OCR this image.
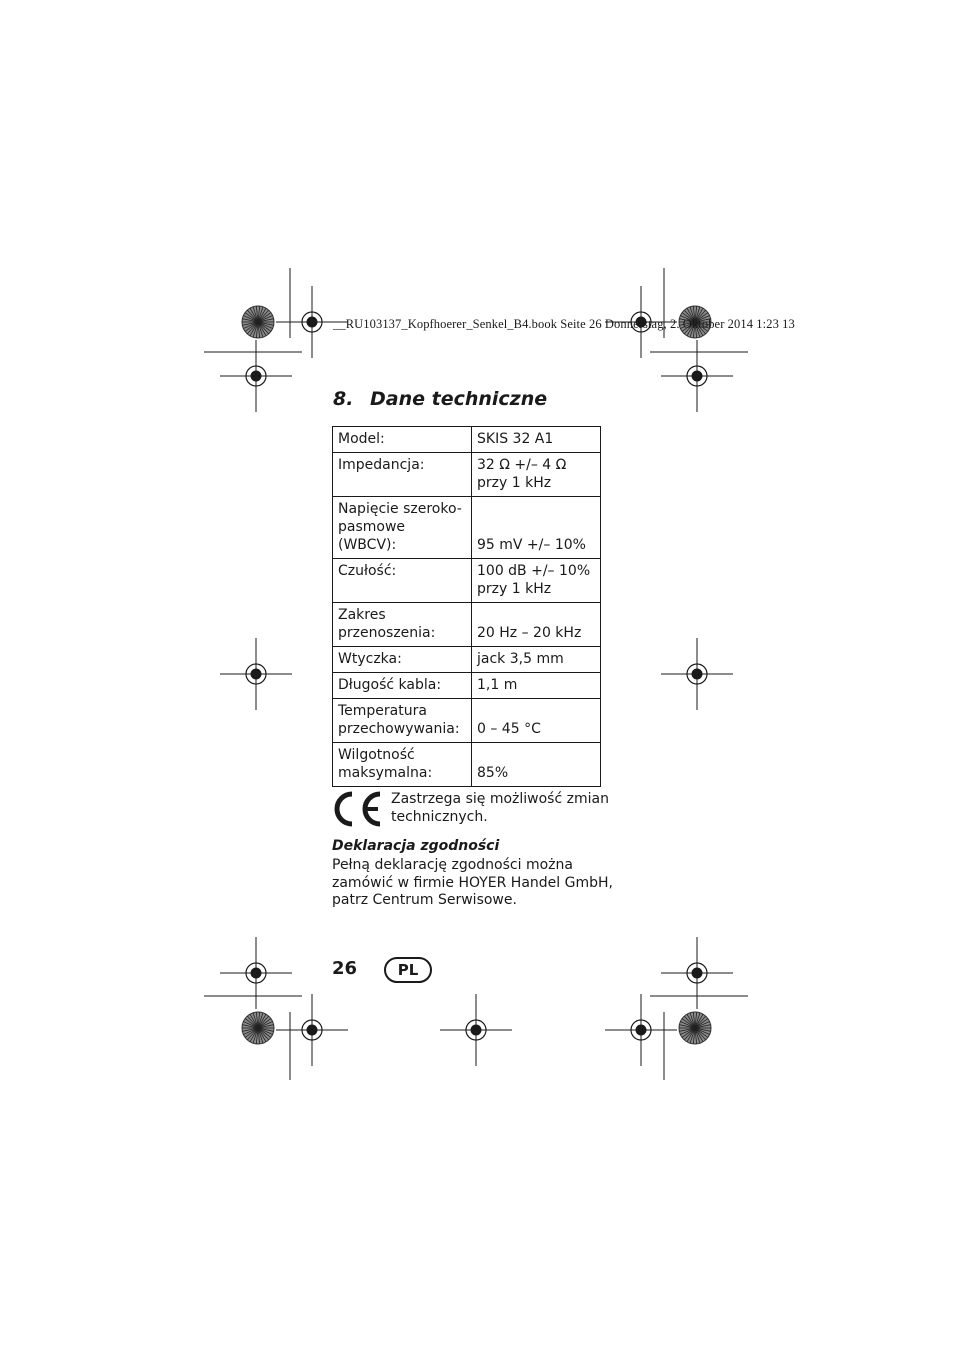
__RU103137_Kopfhoerer_Senkel_B4.book Seite 26 Donnerstag, 2. Oktober 2014 1:23 13
8. Dane techniczne
Model:	SKIS 32 A1

Impedancja:	32 Ω +/– 4 Ω
przy 1 kHz

Napięcie szeroko-
pasmowe (WBCV):	95 mV +/– 10%

Czułość:	100 dB +/– 10%
przy 1 kHz

Zakres
przenoszenia:	20 Hz – 20 kHz

Wtyczka:	jack 3,5 mm

Długość kabla:	1,1 m

Temperatura
przechowywania:	0 – 45 °C

Wilgotność
maksymalna:	85%
Zastrzega się możliwość zmian technicznych.
Deklaracja zgodności
Pełną deklarację zgodności można
zamówić w firmie HOYER Handel GmbH,
patrz Centrum Serwisowe.
26	PL
